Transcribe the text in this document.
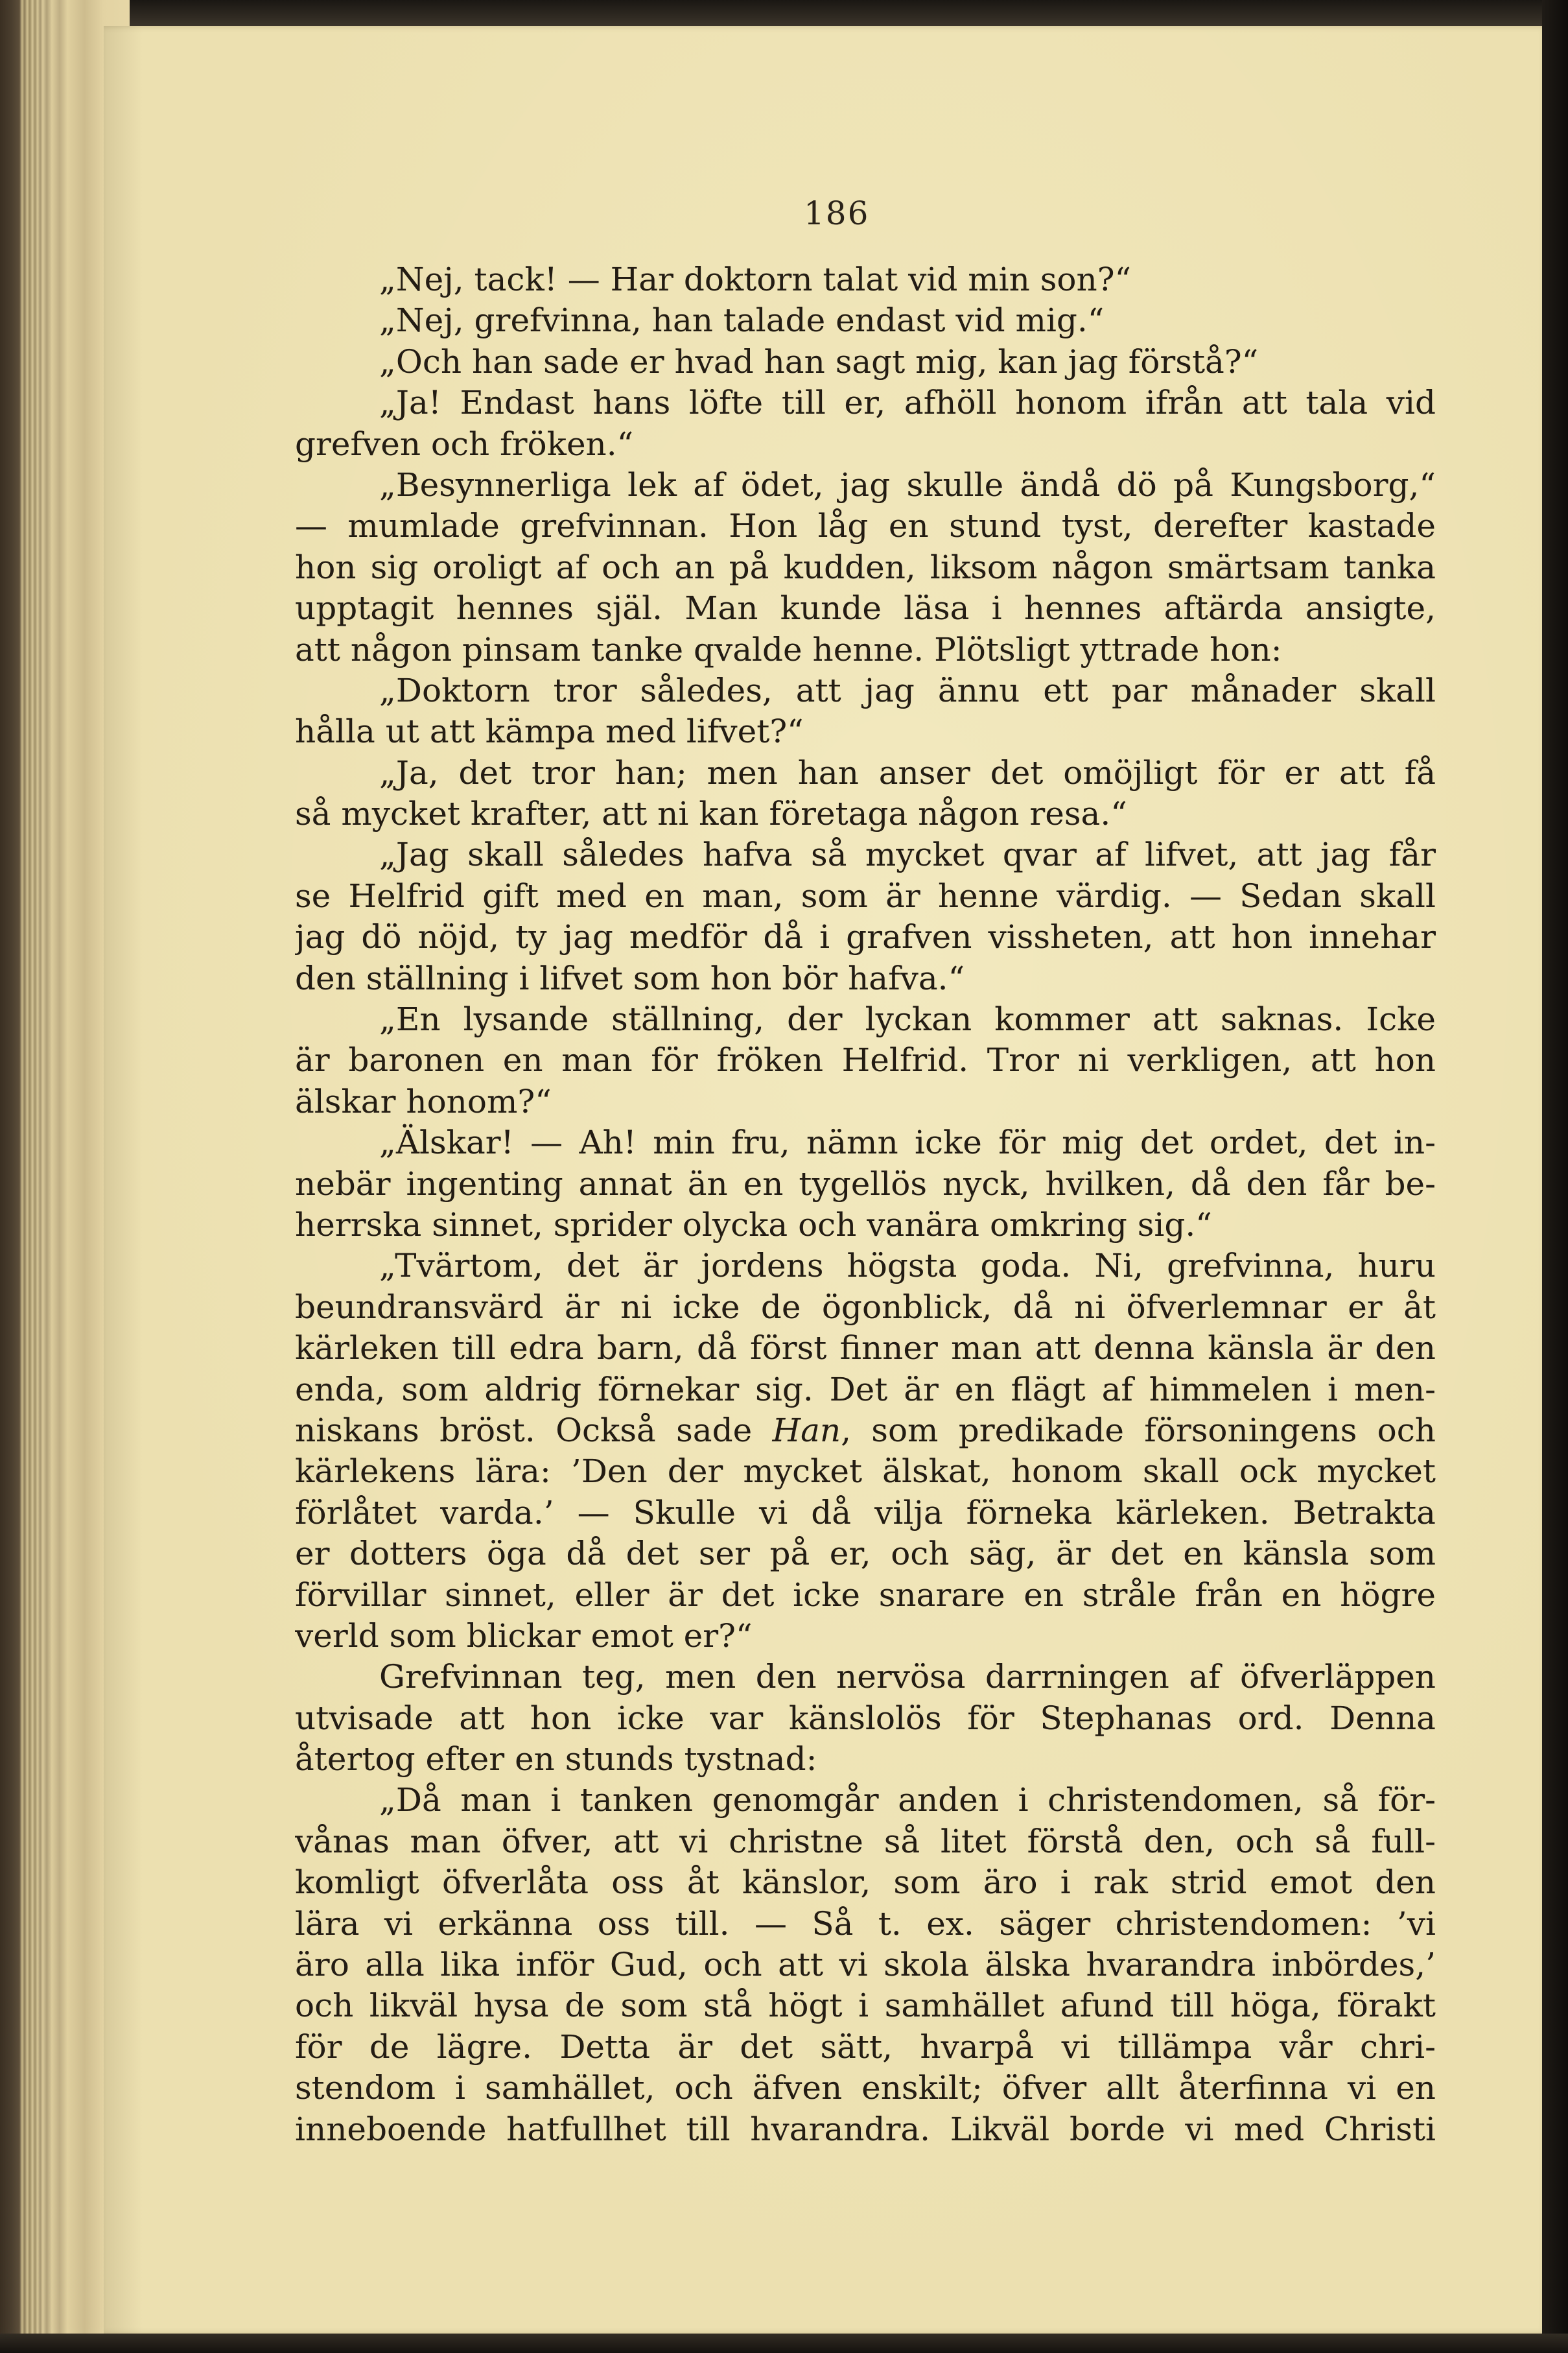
186
„Nej, tack! — Har doktorn talat vid min son?“
„Nej, grefvinna, han talade endast vid mig.“
„Och han sade er hvad han sagt mig, kan jag förstå?“
„Ja! Endast hans löfte till er, afhöll honom ifrån att tala vid
grefven och fröken.“
„Besynnerliga lek af ödet, jag skulle ändå dö på Kungsborg,“
— mumlade grefvinnan. Hon låg en stund tyst, derefter kastade
hon sig oroligt af och an på kudden, liksom någon smärtsam tanka
upptagit hennes själ. Man kunde läsa i hennes aftärda ansigte,
att någon pinsam tanke qvalde henne. Plötsligt yttrade hon:
„Doktorn tror således, att jag ännu ett par månader skall
hålla ut att kämpa med lifvet?“
„Ja, det tror han; men han anser det omöjligt för er att få
så mycket krafter, att ni kan företaga någon resa.“
„Jag skall således hafva så mycket qvar af lifvet, att jag får
se Helfrid gift med en man, som är henne värdig. — Sedan skall
jag dö nöjd, ty jag medför då i grafven vissheten, att hon innehar
den ställning i lifvet som hon bör hafva.“
„En lysande ställning, der lyckan kommer att saknas. Icke
är baronen en man för fröken Helfrid. Tror ni verkligen, att hon
älskar honom?“
„Älskar! — Ah! min fru, nämn icke för mig det ordet, det in-
nebär ingenting annat än en tygellös nyck, hvilken, då den får be-
herrska sinnet, sprider olycka och vanära omkring sig.“
„Tvärtom, det är jordens högsta goda. Ni, grefvinna, huru
beundransvärd är ni icke de ögonblick, då ni öfverlemnar er åt
kärleken till edra barn, då först finner man att denna känsla är den
enda, som aldrig förnekar sig. Det är en flägt af himmelen i men-
niskans bröst. Också sade Han, som predikade försoningens och
kärlekens lära: ’Den der mycket älskat, honom skall ock mycket
förlåtet varda.’ — Skulle vi då vilja förneka kärleken. Betrakta
er dotters öga då det ser på er, och säg, är det en känsla som
förvillar sinnet, eller är det icke snarare en stråle från en högre
verld som blickar emot er?“
Grefvinnan teg, men den nervösa darrningen af öfverläppen
utvisade att hon icke var känslolös för Stephanas ord. Denna
återtog efter en stunds tystnad:
„Då man i tanken genomgår anden i christendomen, så för-
vånas man öfver, att vi christne så litet förstå den, och så full-
komligt öfverlåta oss åt känslor, som äro i rak strid emot den
lära vi erkänna oss till. — Så t. ex. säger christendomen: ’vi
äro alla lika inför Gud, och att vi skola älska hvarandra inbördes,’
och likväl hysa de som stå högt i samhället afund till höga, förakt
för de lägre. Detta är det sätt, hvarpå vi tillämpa vår chri-
stendom i samhället, och äfven enskilt; öfver allt återfinna vi en
inneboende hatfullhet till hvarandra. Likväl borde vi med Christi
